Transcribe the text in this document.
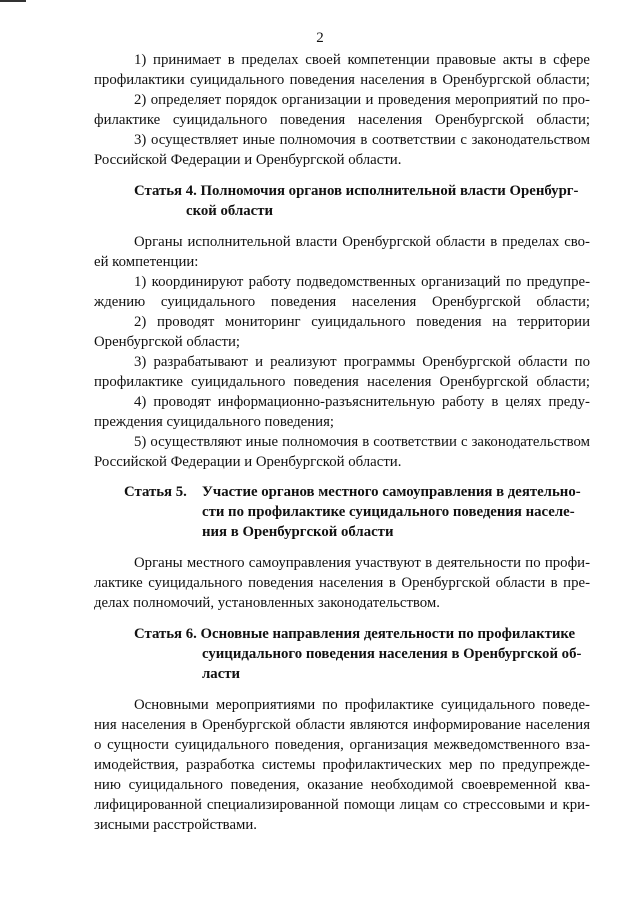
2
1) принимает в пределах своей компетенции правовые акты в сфере
профилактики суицидального поведения населения в Оренбургской области;
2) определяет порядок организации и проведения мероприятий по про-
филактике суицидального поведения населения Оренбургской области;
3) осуществляет иные полномочия в соответствии с законодательством
Российской Федерации и Оренбургской области.
Статья 4. Полномочия органов исполнительной власти Оренбург-
ской области
Органы исполнительной власти Оренбургской области в пределах сво-
ей компетенции:
1) координируют работу подведомственных организаций по предупре-
ждению суицидального поведения населения Оренбургской области;
2) проводят мониторинг суицидального поведения на территории
Оренбургской области;
3) разрабатывают и реализуют программы Оренбургской области по
профилактике суицидального поведения населения Оренбургской области;
4) проводят информационно-разъяснительную работу в целях преду-
преждения суицидального поведения;
5) осуществляют иные полномочия в соответствии с законодательством
Российской Федерации и Оренбургской области.
Статья 5. Участие органов местного самоуправления в деятельно-
сти по профилактике суицидального поведения населе-
ния в Оренбургской области
Органы местного самоуправления участвуют в деятельности по профи-
лактике суицидального поведения населения в Оренбургской области в пре-
делах полномочий, установленных законодательством.
Статья 6. Основные направления деятельности по профилактике
суицидального поведения населения в Оренбургской об-
ласти
Основными мероприятиями по профилактике суицидального поведе-
ния населения в Оренбургской области являются информирование населения
о сущности суицидального поведения, организация межведомственного вза-
имодействия, разработка системы профилактических мер по предупрежде-
нию суицидального поведения, оказание необходимой своевременной ква-
лифицированной специализированной помощи лицам со стрессовыми и кри-
зисными расстройствами.
